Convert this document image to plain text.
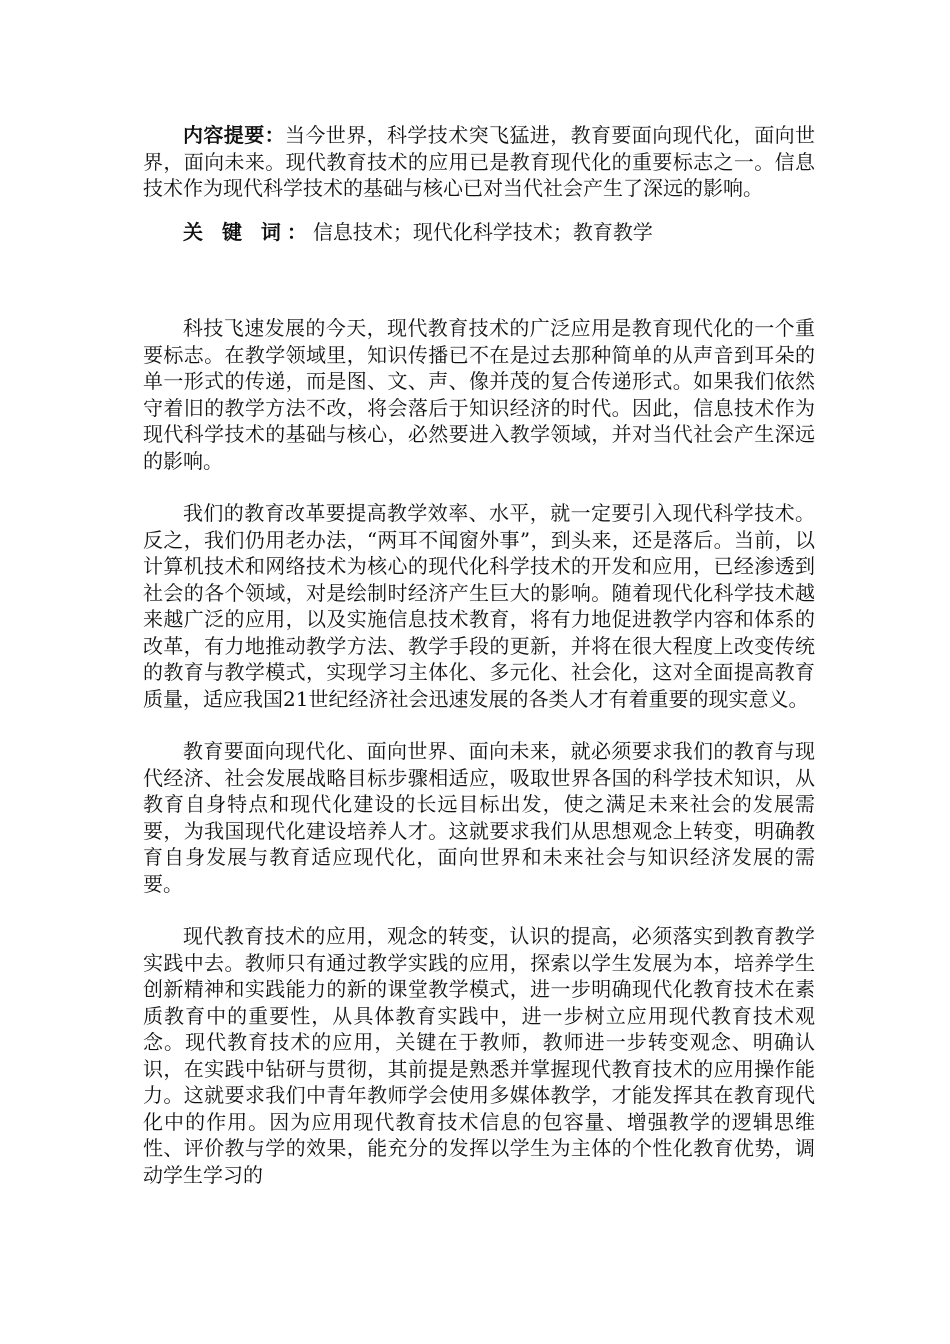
内容提要：当今世界，科学技术突飞猛进，教育要面向现代化，面向世界，面向未来。现代教育技术的应用已是教育现代化的重要标志之一。信息技术作为现代科学技术的基础与核心已对当代社会产生了深远的影响。

关 键 词：信息技术；现代化科学技术；教育教学

科技飞速发展的今天，现代教育技术的广泛应用是教育现代化的一个重要标志。在教学领域里，知识传播已不在是过去那种简单的从声音到耳朵的单一形式的传递，而是图、文、声、像并茂的复合传递形式。如果我们依然守着旧的教学方法不改，将会落后于知识经济的时代。因此，信息技术作为现代科学技术的基础与核心，必然要进入教学领域，并对当代社会产生深远的影响。

我们的教育改革要提高教学效率、水平，就一定要引入现代科学技术。反之，我们仍用老办法，“两耳不闻窗外事”，到头来，还是落后。当前，以计算机技术和网络技术为核心的现代化科学技术的开发和应用，已经渗透到社会的各个领域，对是绘制时经济产生巨大的影响。随着现代化科学技术越来越广泛的应用，以及实施信息技术教育，将有力地促进教学内容和体系的改革，有力地推动教学方法、教学手段的更新，并将在很大程度上改变传统的教育与教学模式，实现学习主体化、多元化、社会化，这对全面提高教育质量，适应我国21世纪经济社会迅速发展的各类人才有着重要的现实意义。

教育要面向现代化、面向世界、面向未来，就必须要求我们的教育与现代经济、社会发展战略目标步骤相适应，吸取世界各国的科学技术知识，从教育自身特点和现代化建设的长远目标出发，使之满足未来社会的发展需要，为我国现代化建设培养人才。这就要求我们从思想观念上转变，明确教育自身发展与教育适应现代化，面向世界和未来社会与知识经济发展的需要。

现代教育技术的应用，观念的转变，认识的提高，必须落实到教育教学实践中去。教师只有通过教学实践的应用，探索以学生发展为本，培养学生创新精神和实践能力的新的课堂教学模式，进一步明确现代化教育技术在素质教育中的重要性，从具体教育实践中，进一步树立应用现代教育技术观念。现代教育技术的应用，关键在于教师，教师进一步转变观念、明确认识，在实践中钻研与贯彻，其前提是熟悉并掌握现代教育技术的应用操作能力。这就要求我们中青年教师学会使用多媒体教学，才能发挥其在教育现代化中的作用。因为应用现代教育技术信息的包容量、增强教学的逻辑思维性、评价教与学的效果，能充分的发挥以学生为主体的个性化教育优势，调动学生学习的
